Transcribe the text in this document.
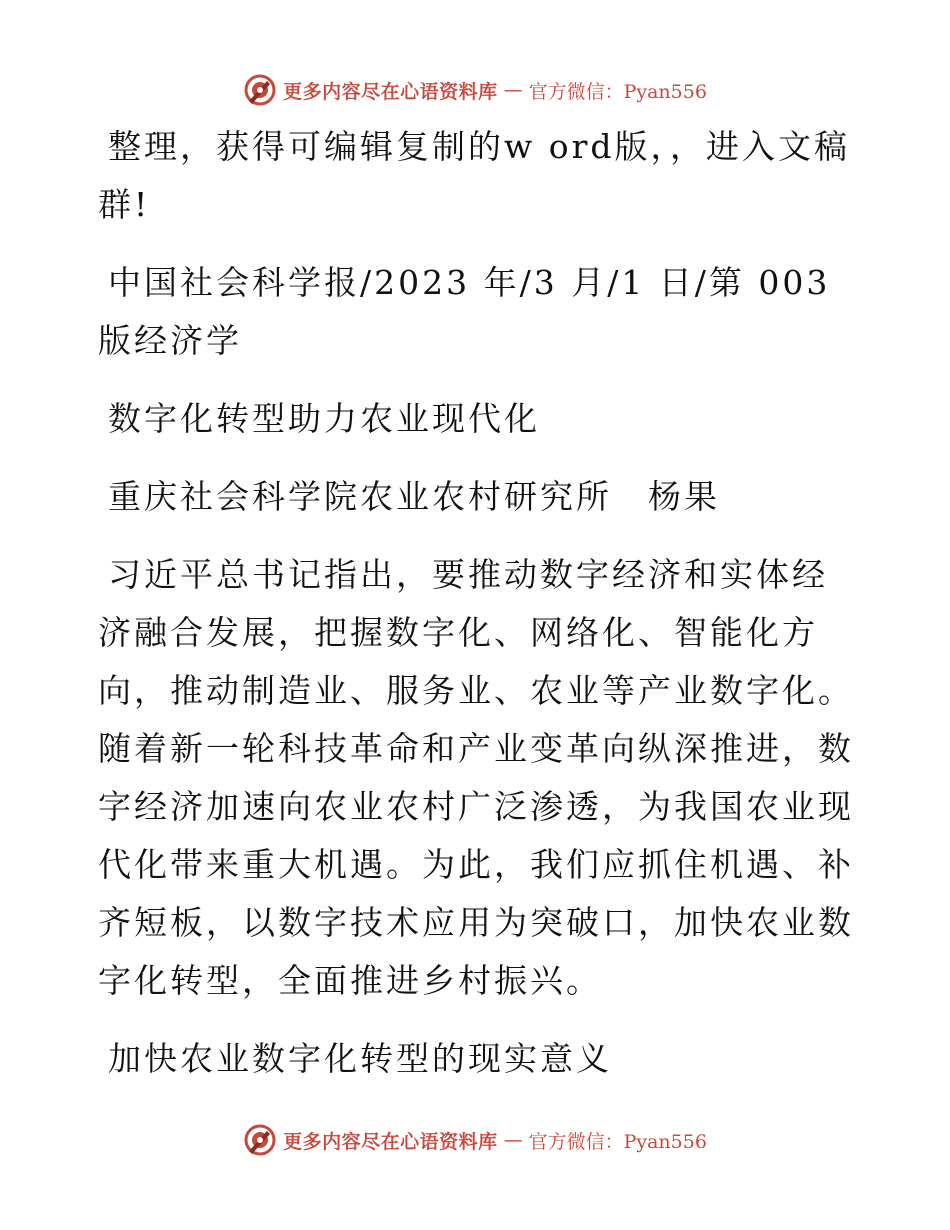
更多内容尽在心语资料库 — 官方微信：Pyan556

整理，获得可编辑复制的w ord版，，进入文稿群!

中国社会科学报/2023 年/3 月/1 日/第 003 版经济学

数字化转型助力农业现代化

重庆社会科学院农业农村研究所　杨果

习近平总书记指出，要推动数字经济和实体经济融合发展，把握数字化、网络化、智能化方向，推动制造业、服务业、农业等产业数字化。随着新一轮科技革命和产业变革向纵深推进，数字经济加速向农业农村广泛渗透，为我国农业现代化带来重大机遇。为此，我们应抓住机遇、补齐短板，以数字技术应用为突破口，加快农业数字化转型，全面推进乡村振兴。

加快农业数字化转型的现实意义

更多内容尽在心语资料库 — 官方微信：Pyan556
